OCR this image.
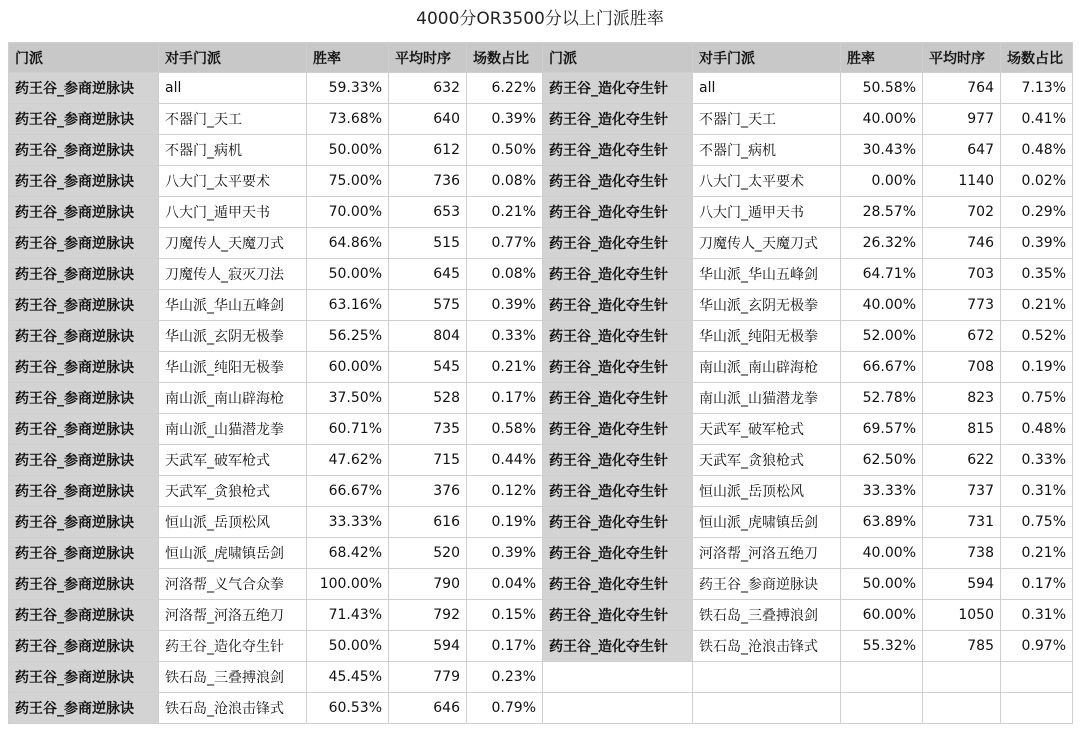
4000分OR3500分以上门派胜率
门派	对手门派	胜率	平均时序	场数占比	门派	对手门派	胜率	平均时序	场数占比
药王谷_参商逆脉诀	all	59.33%	632	6.22%	药王谷_造化夺生针	all	50.58%	764	7.13%
药王谷_参商逆脉诀	不器门_天工	73.68%	640	0.39%	药王谷_造化夺生针	不器门_天工	40.00%	977	0.41%
药王谷_参商逆脉诀	不器门_病机	50.00%	612	0.50%	药王谷_造化夺生针	不器门_病机	30.43%	647	0.48%
药王谷_参商逆脉诀	八大门_太平要术	75.00%	736	0.08%	药王谷_造化夺生针	八大门_太平要术	0.00%	1140	0.02%
药王谷_参商逆脉诀	八大门_遁甲天书	70.00%	653	0.21%	药王谷_造化夺生针	八大门_遁甲天书	28.57%	702	0.29%
药王谷_参商逆脉诀	刀魔传人_天魔刀式	64.86%	515	0.77%	药王谷_造化夺生针	刀魔传人_天魔刀式	26.32%	746	0.39%
药王谷_参商逆脉诀	刀魔传人_寂灭刀法	50.00%	645	0.08%	药王谷_造化夺生针	华山派_华山五峰剑	64.71%	703	0.35%
药王谷_参商逆脉诀	华山派_华山五峰剑	63.16%	575	0.39%	药王谷_造化夺生针	华山派_玄阴无极拳	40.00%	773	0.21%
药王谷_参商逆脉诀	华山派_玄阴无极拳	56.25%	804	0.33%	药王谷_造化夺生针	华山派_纯阳无极拳	52.00%	672	0.52%
药王谷_参商逆脉诀	华山派_纯阳无极拳	60.00%	545	0.21%	药王谷_造化夺生针	南山派_南山辟海枪	66.67%	708	0.19%
药王谷_参商逆脉诀	南山派_南山辟海枪	37.50%	528	0.17%	药王谷_造化夺生针	南山派_山猫潜龙拳	52.78%	823	0.75%
药王谷_参商逆脉诀	南山派_山猫潜龙拳	60.71%	735	0.58%	药王谷_造化夺生针	天武军_破军枪式	69.57%	815	0.48%
药王谷_参商逆脉诀	天武军_破军枪式	47.62%	715	0.44%	药王谷_造化夺生针	天武军_贪狼枪式	62.50%	622	0.33%
药王谷_参商逆脉诀	天武军_贪狼枪式	66.67%	376	0.12%	药王谷_造化夺生针	恒山派_岳顶松风	33.33%	737	0.31%
药王谷_参商逆脉诀	恒山派_岳顶松风	33.33%	616	0.19%	药王谷_造化夺生针	恒山派_虎啸镇岳剑	63.89%	731	0.75%
药王谷_参商逆脉诀	恒山派_虎啸镇岳剑	68.42%	520	0.39%	药王谷_造化夺生针	河洛帮_河洛五绝刀	40.00%	738	0.21%
药王谷_参商逆脉诀	河洛帮_义气合众拳	100.00%	790	0.04%	药王谷_造化夺生针	药王谷_参商逆脉诀	50.00%	594	0.17%
药王谷_参商逆脉诀	河洛帮_河洛五绝刀	71.43%	792	0.15%	药王谷_造化夺生针	铁石岛_三叠搏浪剑	60.00%	1050	0.31%
药王谷_参商逆脉诀	药王谷_造化夺生针	50.00%	594	0.17%	药王谷_造化夺生针	铁石岛_沧浪击锋式	55.32%	785	0.97%
药王谷_参商逆脉诀	铁石岛_三叠搏浪剑	45.45%	779	0.23%					
药王谷_参商逆脉诀	铁石岛_沧浪击锋式	60.53%	646	0.79%					
